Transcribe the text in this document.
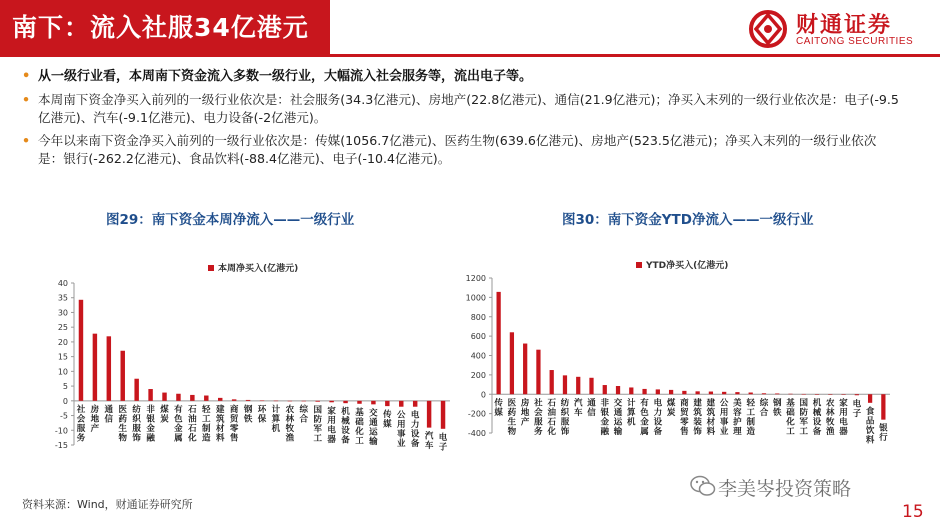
南下：流入社服34亿港元	财通证券
CAITONG SECURITIES
• 从一级行业看，本周南下资金流入多数一级行业，大幅流入社会服务等，流出电子等。
• 本周南下资金净买入前列的一级行业依次是：社会服务(34.3亿港元)、房地产(22.8亿港元)、通信(21.9亿港元)；净买入末列的一级行业依次是：电子(-9.5亿港元)、汽车(-9.1亿港元)、电力设备(-2亿港元)。
• 今年以来南下资金净买入前列的一级行业依次是：传媒(1056.7亿港元)、医药生物(639.6亿港元)、房地产(523.5亿港元)；净买入末列的一级行业依次是：银行(-262.2亿港元)、食品饮料(-88.4亿港元)、电子(-10.4亿港元)。
图29：南下资金本周净流入——一级行业	图30：南下资金YTD净流入——一级行业
-15
-10
-5
0
5
10
15
20
25
30
35
40
本周净买入(亿港元)
社会服务
房地产
通信
医药生物
纺织服饰
非银金融
煤炭
有色金属
石油石化
轻工制造
建筑材料
商贸零售
钢铁
环保
计算机
农林牧渔
综合
国防军工
家用电器
机械设备
基础化工
交通运输
传媒
公用事业
电力设备
汽车
电子
-400
-200
0
200
400
600
800
1000
1200
YTD净买入(亿港元)
传媒
医药生物
房地产
社会服务
石油石化
纺织服饰
汽车
通信
非银金融
交通运输
计算机
有色金属
电力设备
煤炭
商贸零售
建筑装饰
建筑材料
公用事业
美容护理
轻工制造
综合
钢铁
基础化工
国防军工
机械设备
农林牧渔
家用电器
电子 食品饮料
银行
资料来源：Wind，财通证券研究所
李美岑投资策略
15
